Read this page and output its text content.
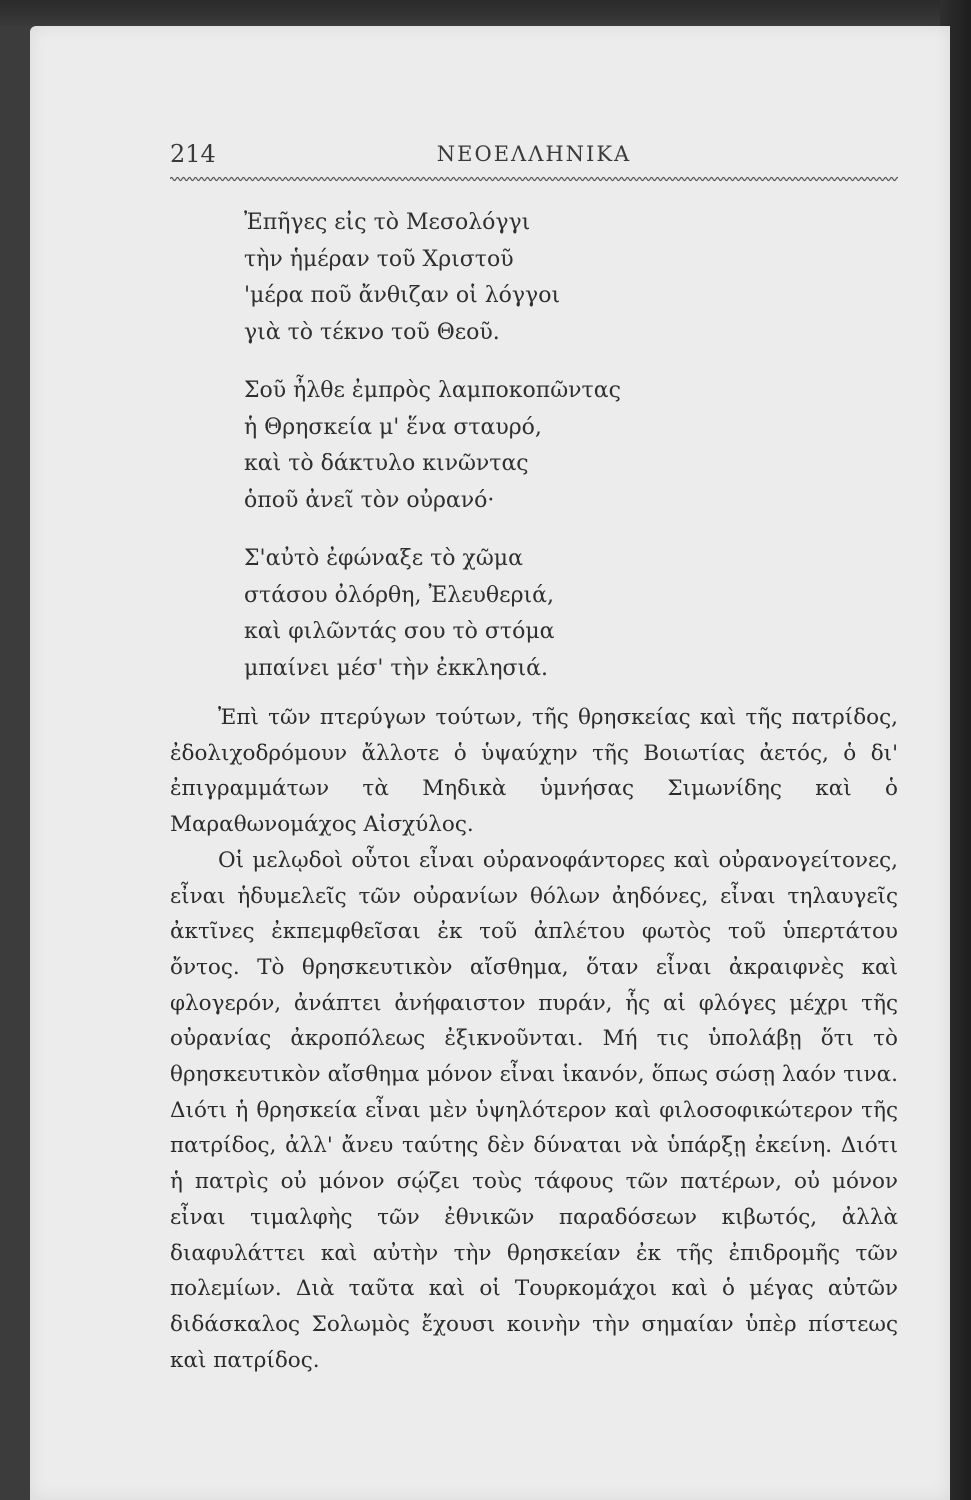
214	ΝΕΟΕΛΛΗΝΙΚΑ

Ἐπῆγες εἰς τὸ Μεσολόγγι

τὴν ἡμέραν τοῦ Χριστοῦ

'μέρα ποῦ ἄνθιζαν οἱ λόγγοι

γιὰ τὸ τέκνο τοῦ Θεοῦ.

Σοῦ ἦλθε ἐμπρὸς λαμποκοπῶντας

ἡ Θρησκεία μ' ἕνα σταυρό,

καὶ τὸ δάκτυλο κινῶντας

ὁποῦ ἀνεῖ τὸν οὐρανό·

Σ'αὐτὸ ἐφώναξε τὸ χῶμα

στάσου ὀλόρθη, Ἐλευθεριά,

καὶ φιλῶντάς σου τὸ στόμα

μπαίνει μέσ' τὴν ἐκκλησιά.

Ἐπὶ τῶν πτερύγων τούτων, τῆς θρησκείας καὶ τῆς πατρίδος, ἐδολιχοδρόμουν ἄλλοτε ὁ ὑψαύχην τῆς Βοιωτίας ἀετός, ὁ δι' ἐπιγραμμάτων τὰ Μηδικὰ ὑμνήσας Σιμωνίδης καὶ ὁ Μαραθωνομάχος Αἰσχύλος.

Οἱ μελῳδοὶ οὗτοι εἶναι οὐρανοφάντορες καὶ οὐρανογείτονες, εἶναι ἡδυμελεῖς τῶν οὐρανίων θόλων ἀηδόνες, εἶναι τηλαυγεῖς ἀκτῖνες ἐκπεμφθεῖσαι ἐκ τοῦ ἀπλέτου φωτὸς τοῦ ὑπερτάτου ὄντος. Τὸ θρησκευτικὸν αἴσθημα, ὅταν εἶναι ἀκραιφνὲς καὶ φλογερόν, ἀνάπτει ἀνήφαιστον πυράν, ἧς αἱ φλόγες μέχρι τῆς οὐρανίας ἀκροπόλεως ἐξικνοῦνται. Μή τις ὑπολάβῃ ὅτι τὸ θρησκευτικὸν αἴσθημα μόνον εἶναι ἱκανόν, ὅπως σώσῃ λαόν τινα. Διότι ἡ θρησκεία εἶναι μὲν ὑψηλότερον καὶ φιλοσοφικώτερον τῆς πατρίδος, ἀλλ' ἄνευ ταύτης δὲν δύναται νὰ ὑπάρξῃ ἐκείνη. Διότι ἡ πατρὶς οὐ μόνον σῴζει τοὺς τάφους τῶν πατέρων, οὐ μόνον εἶναι τιμαλφὴς τῶν ἐθνικῶν παραδόσεων κιβωτός, ἀλλὰ διαφυλάττει καὶ αὐτὴν τὴν θρησκείαν ἐκ τῆς ἐπιδρομῆς τῶν πολεμίων. Διὰ ταῦτα καὶ οἱ Τουρκομάχοι καὶ ὁ μέγας αὐτῶν διδάσκαλος Σολωμὸς ἔχουσι κοινὴν τὴν σημαίαν ὑπὲρ πίστεως καὶ πατρίδος.
